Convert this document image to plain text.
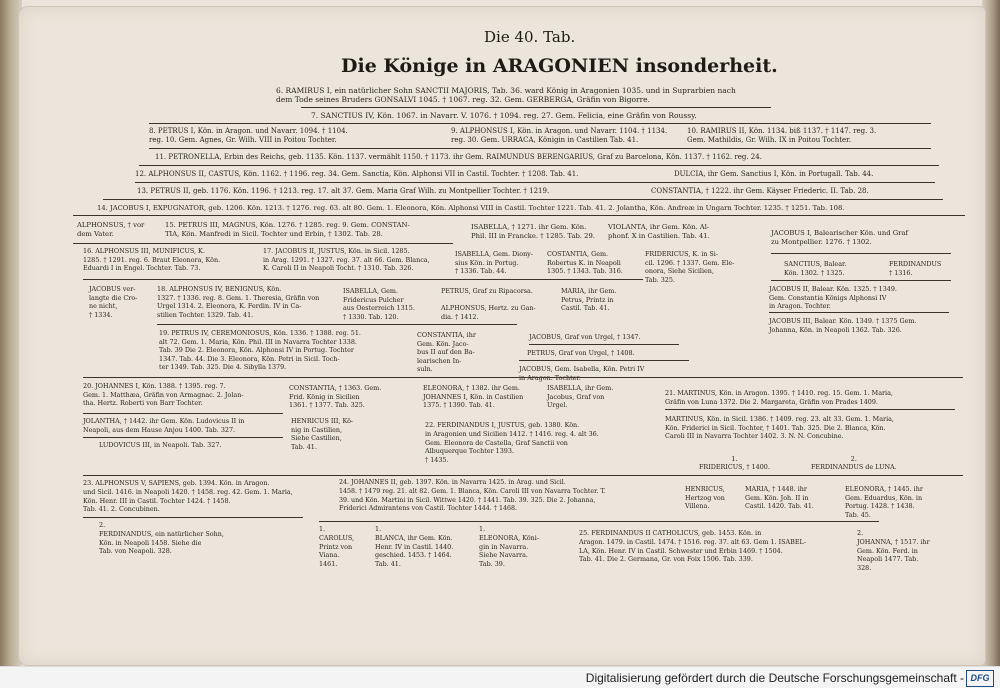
Die 40. Tab.
Die Könige in ARAGONIEN insonderheit.
6. RAMIRUS I, ein natürlicher Sohn SANCTII MAJORIS, Tab. 36. ward König in Aragonien 1035. und in Suprarbien nach
dem Tode seines Bruders GONSALVI 1045. † 1067. reg. 32. Gem. GERBERGA, Gräfin von Bigorre.
7. SANCTIUS IV, Kön. 1067. in Navarr. V. 1076. † 1094. reg. 27. Gem. Felicia, eine Gräfin von Roussy.
8. PETRUS I, Kön. in Aragon. und Navarr. 1094. † 1104.
reg. 10. Gem. Agnes, Gr. Wilh. VIII in Poitou Tochter.
9. ALPHONSUS I, Kön. in Aragon. und Navarr. 1104. † 1134.
reg. 30. Gem. URRACA, Königin in Castilien Tab. 41.
10. RAMIRUS II, Kön. 1134. biß 1137. † 1147. reg. 3.
Gem. Mathildis, Gr. Wilh. IX in Poitou Tochter.
11. PETRONELLA, Erbin des Reichs, geb. 1135. Kön. 1137. vermählt 1150. † 1173. ihr Gem. RAIMUNDUS BERENGARIUS, Graf zu Barcelona, Kön. 1137. † 1162. reg. 24.
12. ALPHONSUS II, CASTUS, Kön. 1162. † 1196. reg. 34. Gem. Sanctia, Kön. Alphonsi VII in Castil. Tochter. † 1208. Tab. 41.	DULCIA, ihr Gem. Sanctius I, Kön. in Portugall. Tab. 44.
13. PETRUS II, geb. 1176. Kön. 1196. † 1213. reg. 17. alt 37. Gem. Maria Graf Wilh. zu Montpellier Tochter. † 1219.	CONSTANTIA, † 1222. ihr Gem. Käyser Friederic. II. Tab. 28.
14. JACOBUS I, EXPUGNATOR, geb. 1206. Kön. 1213. † 1276. reg. 63. alt 80. Gem. 1. Eleonora, Kön. Alphonsi VIII in Castil. Tochter 1221. Tab. 41. 2. Jolantha, Kön. Andreæ in Ungarn Tochter. 1235. † 1251. Tab. 108.
ALPHONSUS, † vor
dem Vater.
15. PETRUS III, MAGNUS, Kön. 1276. † 1285. reg. 9. Gem. CONSTAN-
TIA, Kön. Manfredi in Sicil. Tochter und Erbin, † 1302. Tab. 28.
ISABELLA, † 1271. ihr Gem. Kön.
Phil. III in Francke. † 1285. Tab. 29.
VIOLANTA, ihr Gem. Kön. Al-
phonf. X in Castilien. Tab. 41.	JACOBUS I, Balearischer Kön. und Graf
zu Montpellier. 1276. † 1302.
16. ALPHONSUS III, MUNIFICUS, K.
1285. † 1291. reg. 6. Braut Eleonora, Kön.
Eduardi I in Engel. Tochter. Tab. 73.
17. JACOBUS II, JUSTUS, Kön. in Sicil. 1285.
in Arag. 1291. † 1327. reg. 37. alt 66. Gem. Blanca,
K. Caroli II in Neapoli Tocht. † 1310. Tab. 326.
ISABELLA, Gem. Diony-
sius Kön. in Portug.
† 1336. Tab. 44.
COSTANTIA, Gem.
Robertus K. in Neapoli
1305. † 1343. Tab. 316.
FRIDERICUS, K. in Si-
cil. 1296. † 1337. Gem. Ele-
onora, Siehe Sicilien,
Tab. 325.
SANCTIUS, Balear.
Kön. 1302. † 1325.
FERDINANDUS
† 1316.
JACOBUS ver-
langte die Cro-
ne nicht,
† 1334.
18. ALPHONSUS IV, BENIGNUS, Kön.
1327. † 1336. reg. 8. Gem. 1. Theresia, Gräfin von
Urgel 1314. 2. Eleonora, K. Ferdin. IV in Ca-
stilien Tochter. 1329. Tab. 41.
ISABELLA, Gem.
Fridericus Pulcher
aus Oesterreich 1315.
† 1330. Tab. 120.
PETRUS, Graf zu Ripacorsa.
ALPHONSUS, Hertz. zu Gan-
dia. † 1412.
MARIA, ihr Gem.
Petrus, Printz in
Castil. Tab. 41.
JACOBUS II, Balear. Kön. 1325. † 1349.
Gem. Constantia Königs Alphonsi IV
in Aragon. Tochter.
JACOBUS III, Balear. Kön. 1349. † 1375 Gem.
Johanna, Kön. in Neapoli 1362. Tab. 326.
19. PETRUS IV, CEREMONIOSUS, Kön. 1336. † 1388. reg. 51.
alt 72. Gem. 1. Maria, Kön. Phil. III in Navarra Tochter 1338.
Tab. 39 Die 2. Eleonora, Kön. Alphonsi IV in Portug. Tochter
1347. Tab. 44. Die 3. Eleonora, Kön. Petri in Sicil. Toch-
ter 1349. Tab. 325. Die 4. Sibylla 1379.
CONSTANTIA, ihr
Gem. Kön. Jaco-
bus II auf den Ba-
learischen In-
suln.
JACOBUS, Graf von Urgel, † 1347.
PETRUS, Graf von Urgel, † 1408.
JACOBUS, Gem. Isabella, Kön. Petri IV
in Aragon. Tochter.
20. JOHANNES I, Kön. 1388. † 1395. reg. 7.
Gem. 1. Matthæa, Gräfin von Armagnac. 2. Jolan-
tha. Hertz. Roberti von Barr Tochter.
CONSTANTIA, † 1363. Gem.
Frid. König in Sicilien
1361. † 1377. Tab. 325.
ELEONORA, † 1382. ihr Gem.
JOHANNES I, Kön. in Castilien
1375. † 1390. Tab. 41.
ISABELLA, ihr Gem.
Jacobus, Graf von
Urgel.
21. MARTINUS, Kön. in Aragon. 1395. † 1410. reg. 15. Gem. 1. Maria,
Gräfin von Luna 1372. Die 2. Margareta, Gräfin von Prades 1409.
JOLANTHA, † 1442. ihr Gem. Kön. Ludovicus II in
Neapoli, aus dem Hause Anjou 1400. Tab. 327.
LUDOVICUS III, in Neapoli. Tab. 327.
HENRICUS III, Kö-
nig in Castilien,
Siehe Castilien,
Tab. 41.
22. FERDINANDUS I, JUSTUS, geb. 1380. Kön.
in Aragonien und Sicilien 1412. † 1416. reg. 4. alt 36.
Gem. Eleonora de Castella, Graf Sanctii von
Albuquerque Tochter 1393.
† 1435.
MARTINUS, Kön. in Sicil. 1386. † 1409. reg. 23. alt 33. Gem. 1. Maria,
Kön. Friderici in Sicil. Tochter, † 1401. Tab. 325. Die 2. Blanca, Kön.
Caroli III in Navarra Tochter 1402. 3. N. N. Concubine.
1.
FRIDERICUS, † 1400.
2.
FERDINANDUS de LUNA.
23. ALPHONSUS V, SAPIENS, geb. 1394. Kön. in Aragon.
und Sicil. 1416. in Neapoli 1420. † 1458. reg. 42. Gem. 1. Maria,
Kön. Henr. III in Castil. Tochter 1424. † 1458.
Tab. 41. 2. Concubinen.
24. JOHANNES II, geb. 1397. Kön. in Navarra 1425. in Arag. und Sicil.
1458. † 1479 reg. 21. alt 82. Gem. 1. Blanca, Kön. Caroli III von Navarra Tochter. T.
39. und Kön. Martini in Sicil. Wittwe 1420. † 1441. Tab. 39. 325. Die 2. Johanna,
Friderici Admirantens von Castil. Tochter 1444. † 1468.
HENRICUS,
Hertzog von
Villena.
MARIA, † 1448. ihr
Gem. Kön. Joh. II in
Castil. 1420. Tab. 41.
ELEONORA, † 1445. ihr
Gem. Eduardus, Kön. in
Portug. 1428. † 1438.
Tab. 45.
2.
FERDINANDUS, ein natürlicher Sohn,
Kön. in Neapoli 1458. Siehe die
Tab. von Neapoli. 328.
1.
CAROLUS,
Printz von
Viana.
1461.
1.
BLANCA, ihr Gem. Kön.
Henr. IV in Castil. 1440.
geschied. 1453. † 1464.
Tab. 41.
1.
ELEONORA, Köni-
gin in Navarra.
Siehe Navarra.
Tab. 39.
25. FERDINANDUS II CATHOLICUS, geb. 1453. Kön. in
Aragon. 1479. in Castil. 1474. † 1516. reg. 37. alt 63. Gem 1. ISABEL-
LA, Kön. Henr. IV in Castil. Schwester und Erbin 1469. † 1504.
Tab. 41. Die 2. Germana, Gr. von Foix 1506. Tab. 339.
2.
JOHANNA, † 1517. ihr
Gem. Kön. Ferd. in
Neapoli 1477. Tab.
328.
Digitalisierung gefördert durch die Deutsche Forschungsgemeinschaft - DFG
